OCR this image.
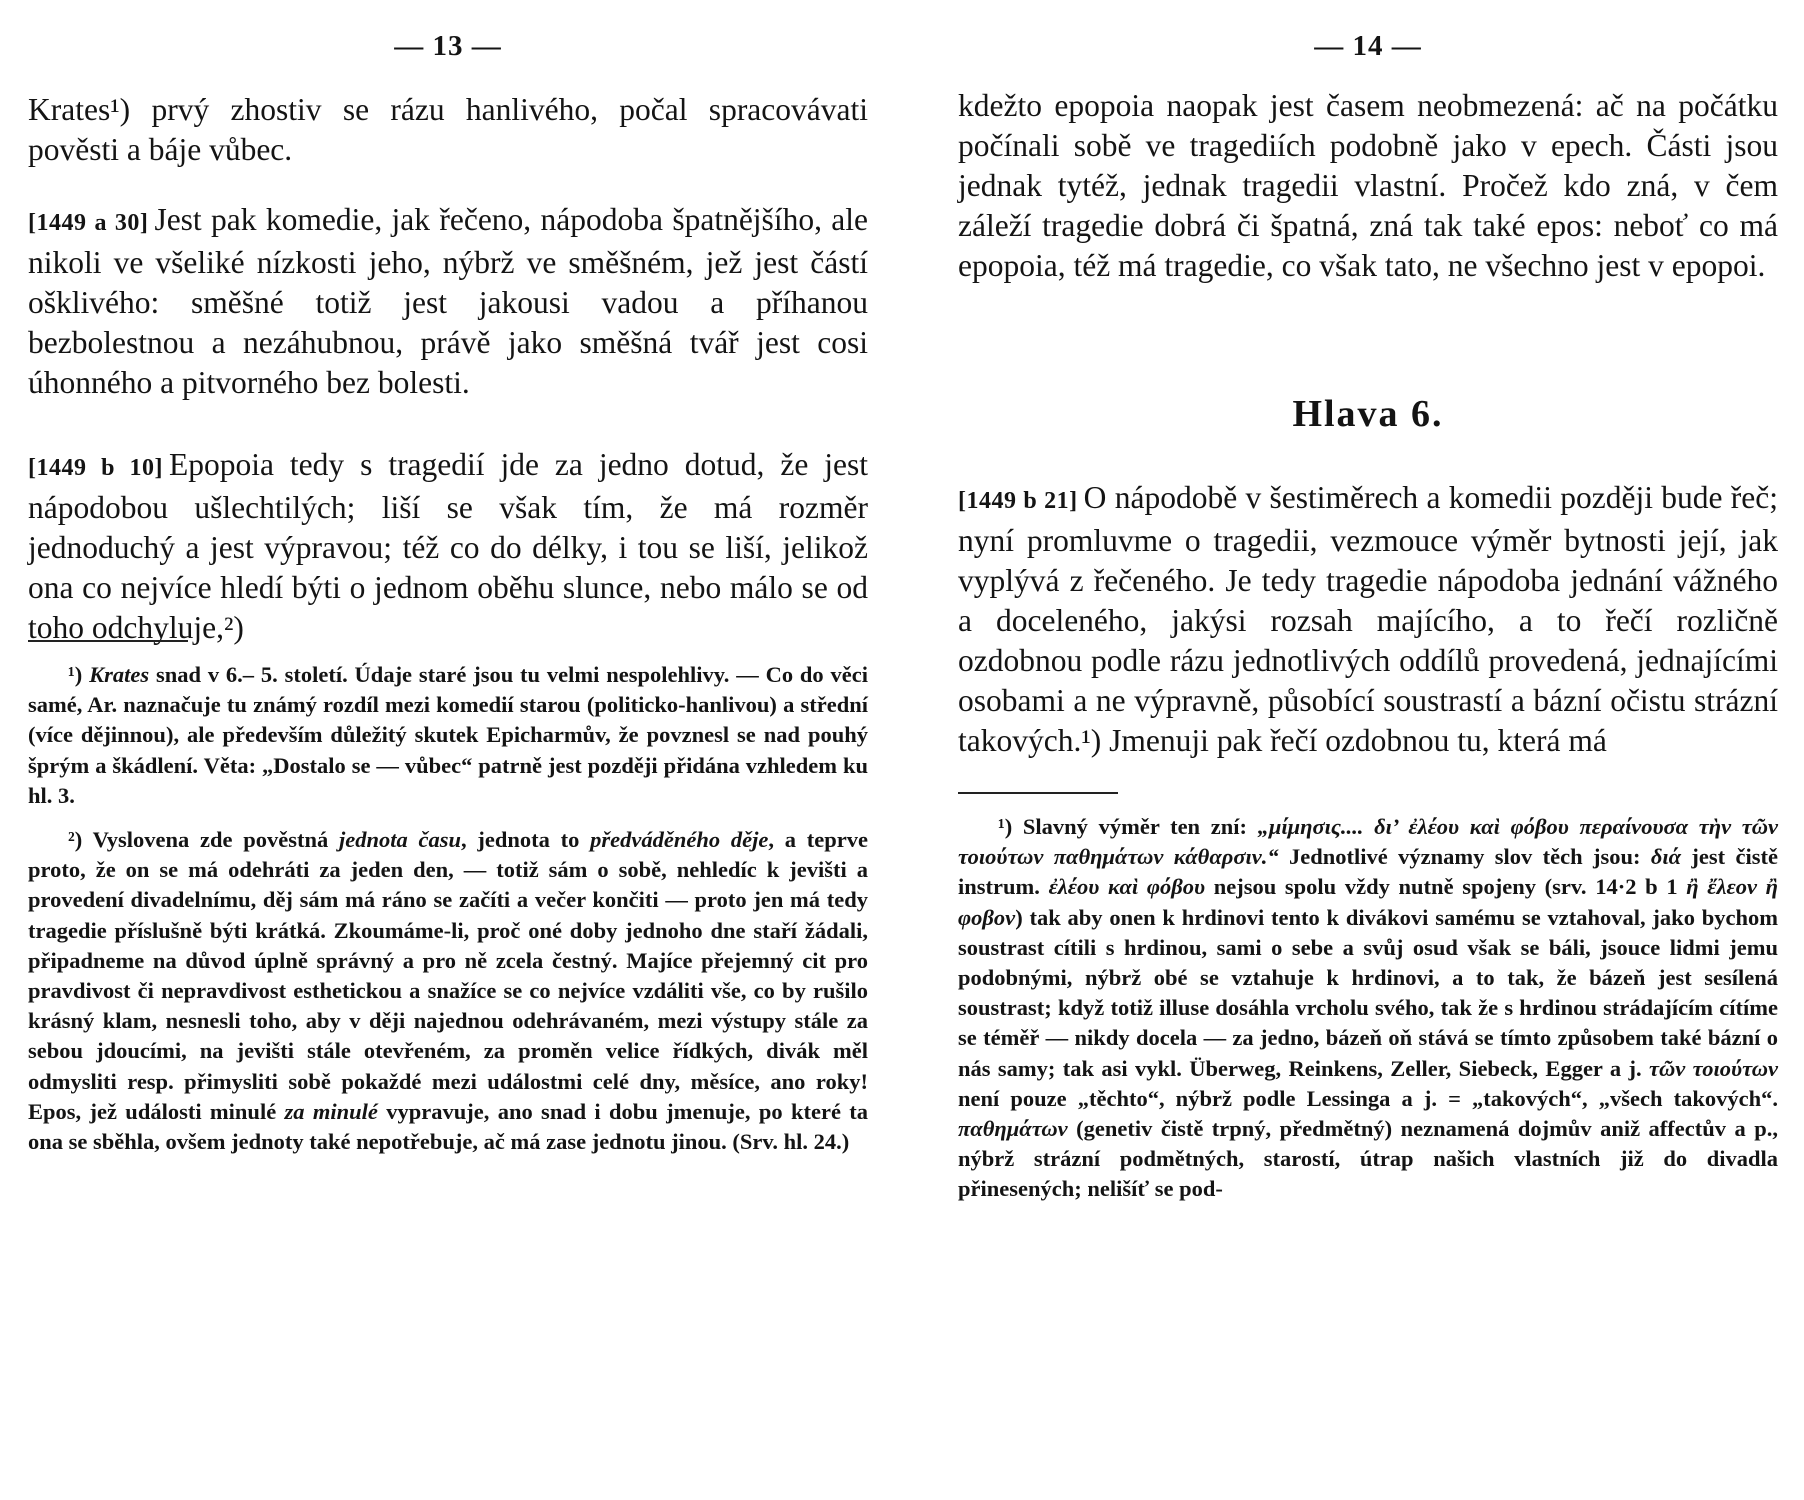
— 13 —

Krates¹) prvý zhostiv se rázu hanlivého, počal spracovávati pověsti a báje vůbec.

[1449 a 30] Jest pak komedie, jak řečeno, nápodoba špatnějšího, ale nikoli ve všeliké nízkosti jeho, nýbrž ve směšném, jež jest částí ošklivého: směšné totiž jest jakousi vadou a příhanou bezbolestnou a nezáhubnou, právě jako směšná tvář jest cosi úhonného a pitvorného bez bolesti.

[1449 b 10] Epopoia tedy s tragedií jde za jedno dotud, že jest nápodobou ušlechtilých; liší se však tím, že má rozměr jednoduchý a jest výpravou; též co do délky, i tou se liší, jelikož ona co nejvíce hledí býti o jednom oběhu slunce, nebo málo se od toho odchyluje,²)

¹) Krates snad v 6.– 5. století. Údaje staré jsou tu velmi nespolehlivy. — Co do věci samé, Ar. naznačuje tu známý rozdíl mezi komedií starou (politicko-hanlivou) a střední (více dějinnou), ale především důležitý skutek Epicharmův, že povznesl se nad pouhý šprým a škádlení. Věta: „Dostalo se — vůbec“ patrně jest později přidána vzhledem ku hl. 3.

²) Vyslovena zde pověstná jednota času, jednota to předváděného děje, a teprve proto, že on se má odehráti za jeden den, — totiž sám o sobě, nehledíc k jevišti a provedení divadelnímu, děj sám má ráno se začíti a večer končiti — proto jen má tedy tragedie příslušně býti krátká. Zkoumáme-li, proč oné doby jednoho dne staří žádali, připadneme na důvod úplně správný a pro ně zcela čestný. Majíce přejemný cit pro pravdivost či nepravdivost esthetickou a snažíce se co nejvíce vzdáliti vše, co by rušilo krásný klam, nesnesli toho, aby v ději najednou odehrávaném, mezi výstupy stále za sebou jdoucími, na jevišti stále otevřeném, za proměn velice řídkých, divák měl odmysliti resp. přimysliti sobě pokaždé mezi událostmi celé dny, měsíce, ano roky! Epos, jež události minulé za minulé vypravuje, ano snad i dobu jmenuje, po které ta ona se sběhla, ovšem jednoty také nepotřebuje, ač má zase jednotu jinou. (Srv. hl. 24.)

— 14 —

kdežto epopoia naopak jest časem neobmezená: ač na počátku počínali sobě ve tragediích podobně jako v epech. Části jsou jednak tytéž, jednak tragedii vlastní. Pročež kdo zná, v čem záleží tragedie dobrá či špatná, zná tak také epos: neboť co má epopoia, též má tragedie, co však tato, ne všechno jest v epopoi.

Hlava 6.

[1449 b 21] O nápodobě v šestiměrech a komedii později bude řeč; nyní promluvme o tragedii, vezmouce výměr bytnosti její, jak vyplývá z řečeného. Je tedy tragedie nápodoba jednání vážného a doceleného, jakýsi rozsah majícího, a to řečí rozličně ozdobnou podle rázu jednotlivých oddílů provedená, jednajícími osobami a ne výpravně, působící soustrastí a bázní očistu strázní takových.¹) Jmenuji pak řečí ozdobnou tu, která má

¹) Slavný výměr ten zní: „μίμησις.... δι’ ἐλέου καὶ φόβου περαίνουσα τὴν τῶν τοιούτων παθημάτων κάθαρσιν.“ Jednotlivé významy slov těch jsou: διά jest čistě instrum. ἐλέου καὶ φόβου nejsou spolu vždy nutně spojeny (srv. 14·2 b 1 ἢ ἔλεον ἢ φοβον) tak aby onen k hrdinovi tento k divákovi samému se vztahoval, jako bychom soustrast cítili s hrdinou, sami o sebe a svůj osud však se báli, jsouce lidmi jemu podobnými, nýbrž obé se vztahuje k hrdinovi, a to tak, že bázeň jest sesílená soustrast; když totiž illuse dosáhla vrcholu svého, tak že s hrdinou strádajícím cítíme se téměř — nikdy docela — za jedno, bázeň oň stává se tímto způsobem také bázní o nás samy; tak asi vykl. Überweg, Reinkens, Zeller, Siebeck, Egger a j. τῶν τοιούτων není pouze „těchto“, nýbrž podle Lessinga a j. = „takových“, „všech takových“. παθημάτων (genetiv čistě trpný, předmětný) neznamená dojmův aniž affectův a p., nýbrž strázní podmětných, starostí, útrap našich vlastních již do divadla přinesených; nelišíť se pod-
